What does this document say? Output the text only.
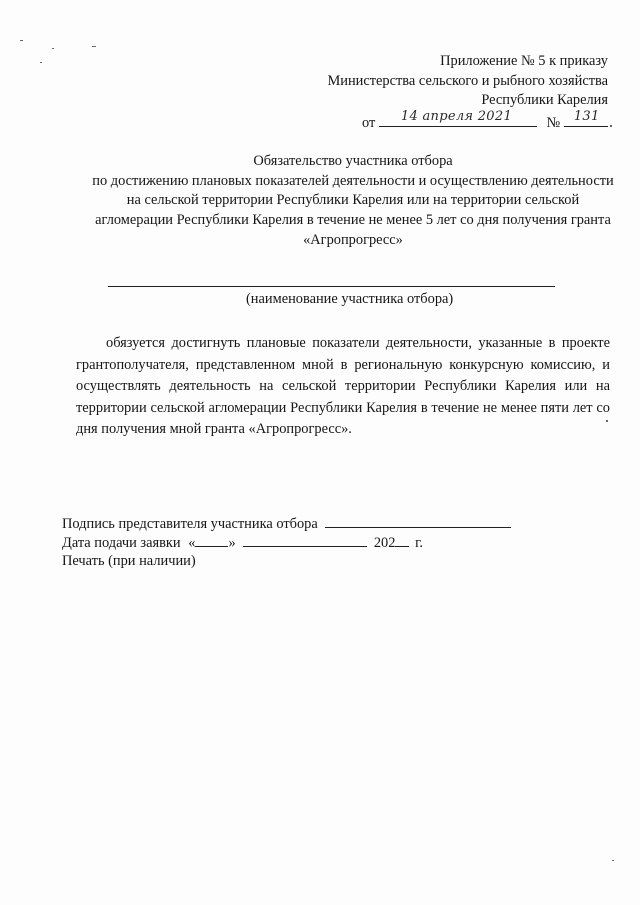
Приложение № 5 к приказу
Министерства сельского и рыбного хозяйства
Республики Карелия
от 14 апреля 2021 № 131
Обязательство участника отбора
по достижению плановых показателей деятельности и осуществлению деятельности
на сельской территории Республики Карелия или на территории сельской
агломерации Республики Карелия в течение не менее 5 лет со дня получения гранта
«Агропрогресс»
(наименование участника отбора)

обязуется достигнуть плановые показатели деятельности, указанные в проекте грантополучателя, представленном мной в региональную конкурсную комиссию, и осуществлять деятельность на сельской территории Республики Карелия или на территории сельской агломерации Республики Карелия в течение не менее пяти лет со дня получения мной гранта «Агропрогресс».

Подпись представителя участника отбора
Дата подачи заявки « »	202 г.
Печать (при наличии)
